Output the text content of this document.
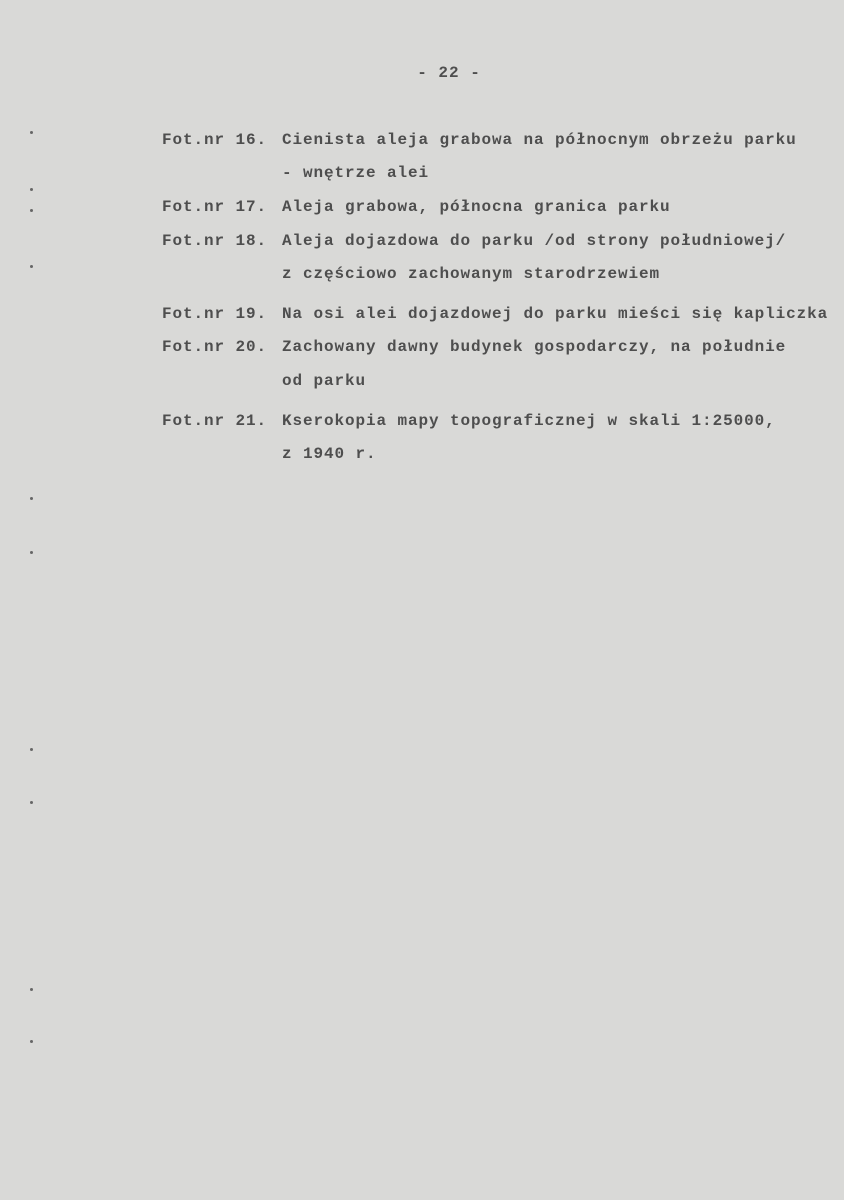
- 22 -
Fot.nr 16. Cienista aleja grabowa na północnym obrzeżu parku
- wnętrze alei
Fot.nr 17. Aleja grabowa, północna granica parku
Fot.nr 18. Aleja dojazdowa do parku /od strony południowej/
z częściowo zachowanym starodrzewiem
Fot.nr 19. Na osi alei dojazdowej do parku mieści się kapliczka
Fot.nr 20. Zachowany dawny budynek gospodarczy, na południe
od parku
Fot.nr 21. Kserokopia mapy topograficznej w skali 1:25000,
z 1940 r.
